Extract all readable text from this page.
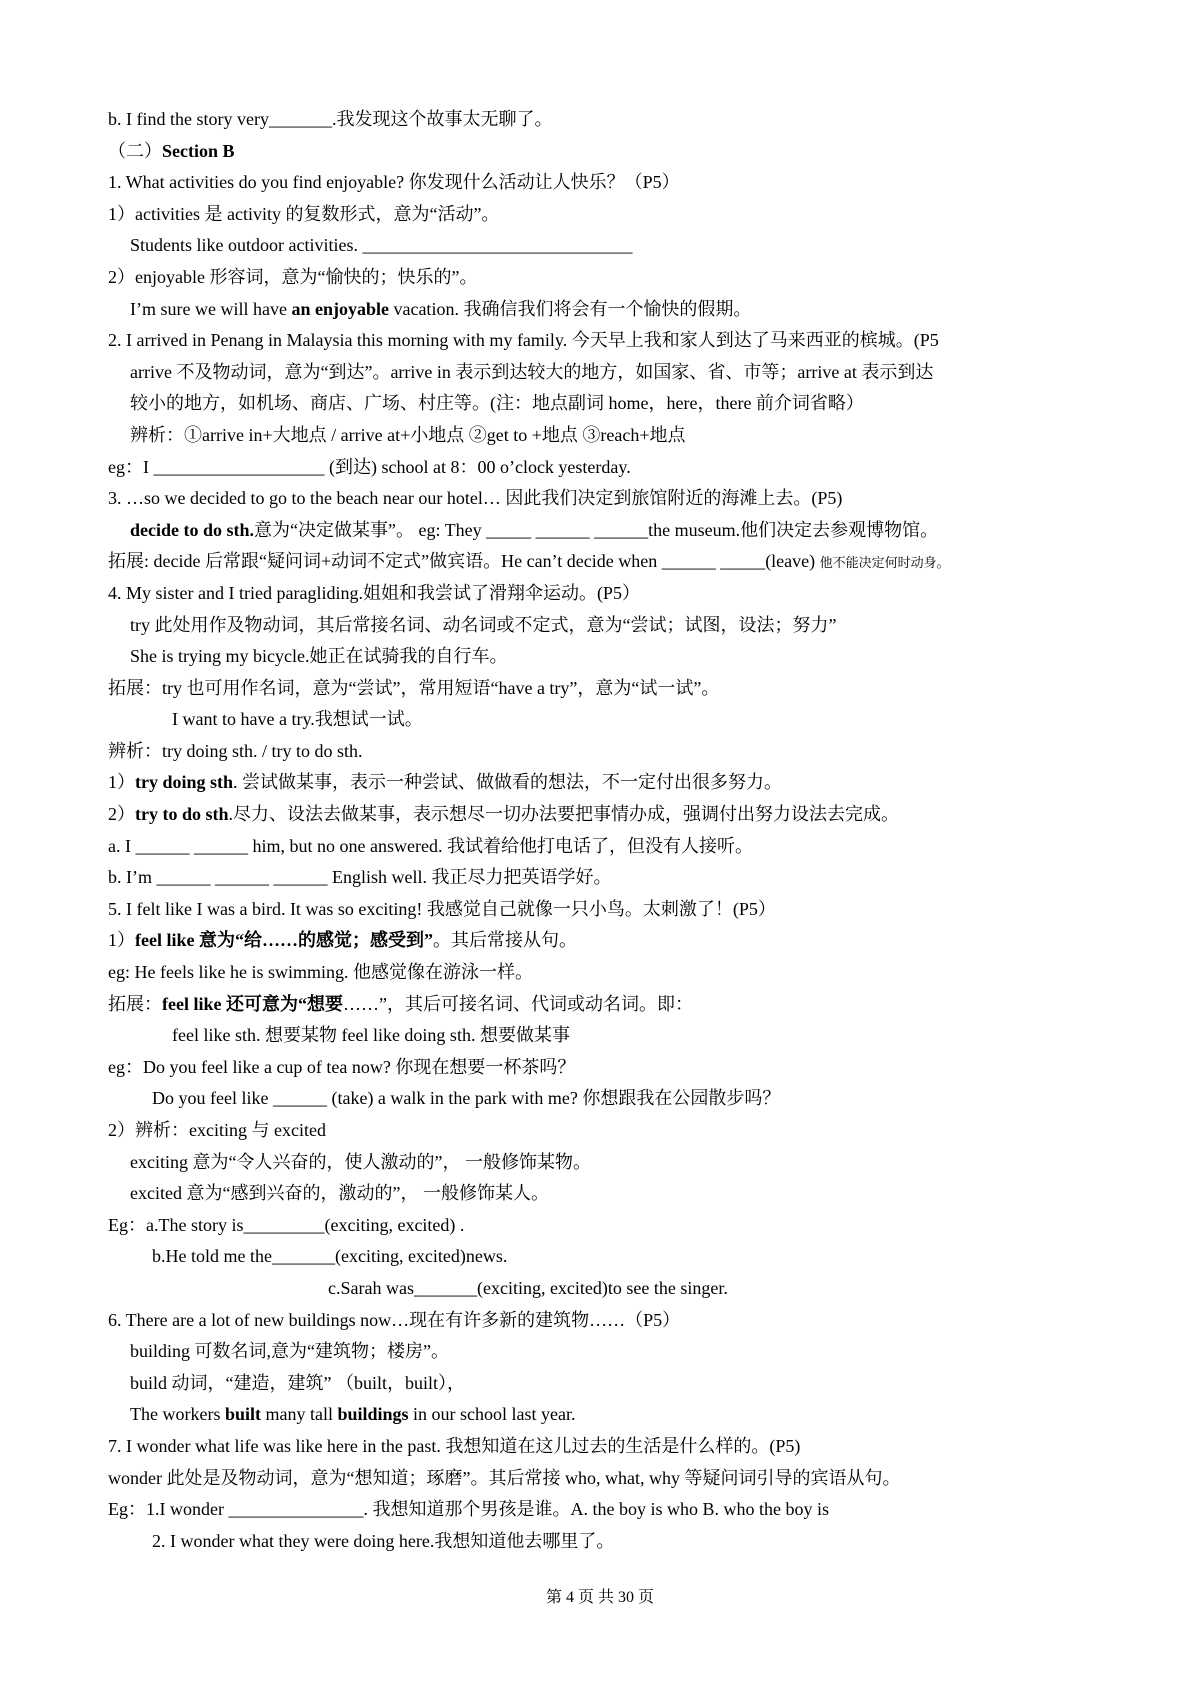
b. I find the story very_______.我发现这个故事太无聊了。
（二）Section B
1. What activities do you find enjoyable? 你发现什么活动让人快乐？（P5）
1）activities 是 activity 的复数形式，意为“活动”。
Students like outdoor activities. ______________________________
2）enjoyable 形容词，意为“愉快的；快乐的”。
I’m sure we will have an enjoyable vacation. 我确信我们将会有一个愉快的假期。
2. I arrived in Penang in Malaysia this morning with my family. 今天早上我和家人到达了马来西亚的槟城。(P5
arrive 不及物动词，意为“到达”。arrive in 表示到达较大的地方，如国家、省、市等；arrive at 表示到达
较小的地方，如机场、商店、广场、村庄等。(注：地点副词 home，here，there 前介词省略）
辨析：①arrive in+大地点 / arrive at+小地点 ②get to +地点 ③reach+地点
eg：I ___________________ (到达) school at 8：00 o’clock yesterday.
3. …so we decided to go to the beach near our hotel… 因此我们决定到旅馆附近的海滩上去。(P5)
decide to do sth.意为“决定做某事”。 eg: They _____ ______ ______the museum.他们决定去参观博物馆。
拓展: decide 后常跟“疑问词+动词不定式”做宾语。He can’t decide when ______ _____(leave) 他不能决定何时动身。
4. My sister and I tried paragliding.姐姐和我尝试了滑翔伞运动。(P5）
try 此处用作及物动词，其后常接名词、动名词或不定式，意为“尝试；试图，设法；努力”
She is trying my bicycle.她正在试骑我的自行车。
拓展：try 也可用作名词，意为“尝试”，常用短语“have a try”，意为“试一试”。
I want to have a try.我想试一试。
辨析：try doing sth. / try to do sth.
1）try doing sth. 尝试做某事，表示一种尝试、做做看的想法，不一定付出很多努力。
2）try to do sth.尽力、设法去做某事，表示想尽一切办法要把事情办成，强调付出努力设法去完成。
a. I ______ ______ him, but no one answered. 我试着给他打电话了，但没有人接听。
b. I’m ______ ______ ______ English well. 我正尽力把英语学好。
5. I felt like I was a bird. It was so exciting! 我感觉自己就像一只小鸟。太刺激了！(P5）
1）feel like 意为“给……的感觉；感受到”。其后常接从句。
eg: He feels like he is swimming. 他感觉像在游泳一样。
拓展：feel like 还可意为“想要……”，其后可接名词、代词或动名词。即：
feel like sth. 想要某物 feel like doing sth. 想要做某事
eg：Do you feel like a cup of tea now? 你现在想要一杯茶吗？
Do you feel like ______ (take) a walk in the park with me? 你想跟我在公园散步吗？
2）辨析：exciting 与 excited
exciting 意为“令人兴奋的，使人激动的”， 一般修饰某物。
excited 意为“感到兴奋的，激动的”， 一般修饰某人。
Eg：a.The story is_________(exciting, excited) .
b.He told me the_______(exciting, excited)news.
c.Sarah was_______(exciting, excited)to see the singer.
6. There are a lot of new buildings now…现在有许多新的建筑物……（P5）
building 可数名词,意为“建筑物；楼房”。
build 动词，“建造，建筑” （built，built），
The workers built many tall buildings in our school last year.
7. I wonder what life was like here in the past. 我想知道在这儿过去的生活是什么样的。(P5)
wonder 此处是及物动词，意为“想知道；琢磨”。其后常接 who, what, why 等疑问词引导的宾语从句。
Eg：1.I wonder _______________. 我想知道那个男孩是谁。A. the boy is who B. who the boy is
2. I wonder what they were doing here.我想知道他去哪里了。
第 4 页 共 30 页
